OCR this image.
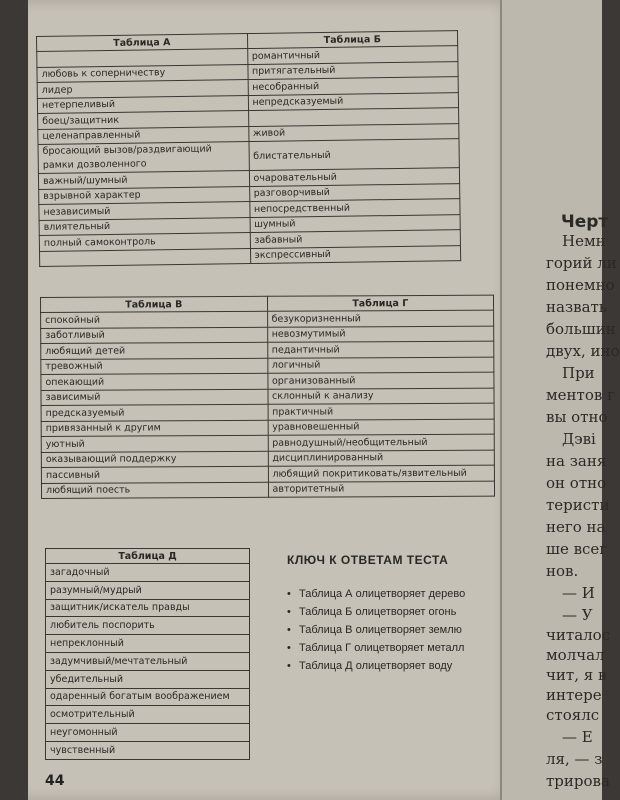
Таблица А	Таблица Б
	романтичный
любовь к соперничеству	притягательный
лидер	несобранный
нетерпеливый	непредсказуемый
боец/защитник	
целенаправленный	живой
бросающий вызов/раздвигающий рамки дозволенного	блистательный
важный/шумный	очаровательный
взрывной характер	разговорчивый
независимый	непосредственный
влиятельный	шумный
полный самоконтроль	забавный
	экспрессивный
Таблица В	Таблица Г
спокойный	безукоризненный
заботливый	невозмутимый
любящий детей	педантичный
тревожный	логичный
опекающий	организованный
зависимый	склонный к анализу
предсказуемый	практичный
привязанный к другим	уравновешенный
уютный	равнодушный/необщительный
оказывающий поддержку	дисциплинированный
пассивный	любящий покритиковать/язвительный
любящий поесть	авторитетный
Таблица Д
загадочный
разумный/мудрый
защитник/искатель правды
любитель поспорить
непреклонный
задумчивый/мечтательный
убедительный
одаренный богатым воображением
осмотрительный
неугомонный
чувственный
КЛЮЧ К ОТВЕТАМ ТЕСТА
• Таблица А олицетворяет дерево
• Таблица Б олицетворяет огонь
• Таблица В олицетворяет землю
• Таблица Г олицетворяет металл
• Таблица Д олицетворяет воду
44
Черт
Немн
горий ли
понемно
назвать
большин
двух, ино
При
ментов г
вы отно
Дэві
на заня
он отно
теристи
него на
ше всег
нов.
— И
— У
читалос
молчал
чит, я в
интере
стоялс
— Е
ля, — з
трирова
